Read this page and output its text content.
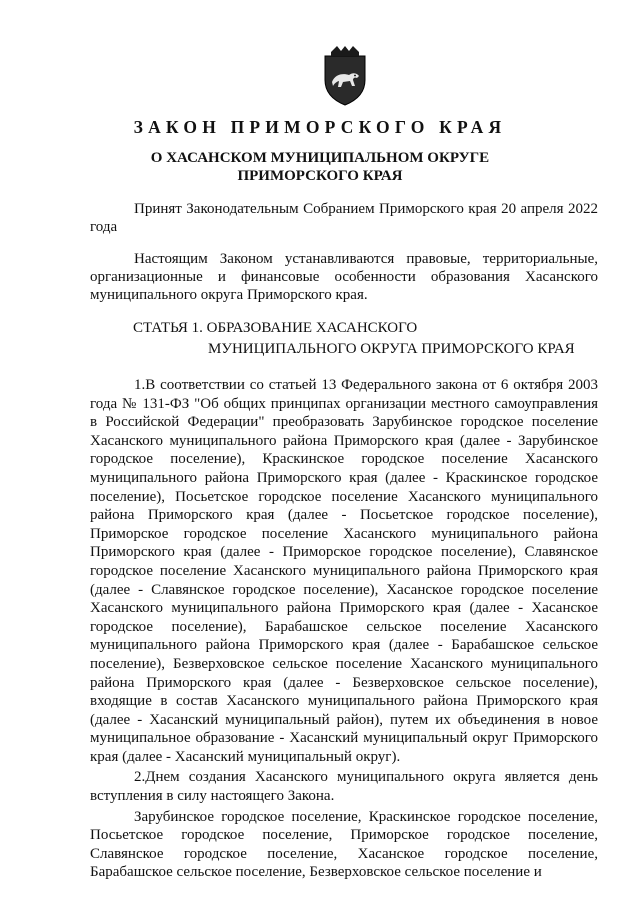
ЗАКОН ПРИМОРСКОГО КРАЯ
О ХАСАНСКОМ МУНИЦИПАЛЬНОМ ОКРУГЕ
ПРИМОРСКОГО КРАЯ
Принят Законодательным Собранием Приморского края 20 апреля 2022 года
Настоящим Законом устанавливаются правовые, территориальные, организационные и финансовые особенности образования Хасанского муниципального округа Приморского края.
СТАТЬЯ 1. ОБРАЗОВАНИЕ ХАСАНСКОГО
МУНИЦИПАЛЬНОГО ОКРУГА ПРИМОРСКОГО КРАЯ

1.В соответствии со статьей 13 Федерального закона от 6 октября 2003 года № 131-ФЗ "Об общих принципах организации местного самоуправления в Российской Федерации" преобразовать Зарубинское городское поселение Хасанского муниципального района Приморского края (далее - Зарубинское городское поселение), Краскинское городское поселение Хасанского муниципального района Приморского края (далее - Краскинское городское поселение), Посьетское городское поселение Хасанского муниципального района Приморского края (далее - Посьетское городское поселение), Приморское городское поселение Хасанского муниципального района Приморского края (далее - Приморское городское поселение), Славянское городское поселение Хасанского муниципального района Приморского края (далее - Славянское городское поселение), Хасанское городское поселение Хасанского муниципального района Приморского края (далее - Хасанское городское поселение), Барабашское сельское поселение Хасанского муниципального района Приморского края (далее - Барабашское сельское поселение), Безверховское сельское поселение Хасанского муниципального района Приморского края (далее - Безверховское сельское поселение), входящие в состав Хасанского муниципального района Приморского края (далее - Хасанский муниципальный район), путем их объединения в новое муниципальное образование - Хасанский муниципальный округ Приморского края (далее - Хасанский муниципальный округ).

2.Днем создания Хасанского муниципального округа является день вступления в силу настоящего Закона.

Зарубинское городское поселение, Краскинское городское поселение, Посьетское городское поселение, Приморское городское поселение, Славянское городское поселение, Хасанское городское поселение, Барабашское сельское поселение, Безверховское сельское поселение и
